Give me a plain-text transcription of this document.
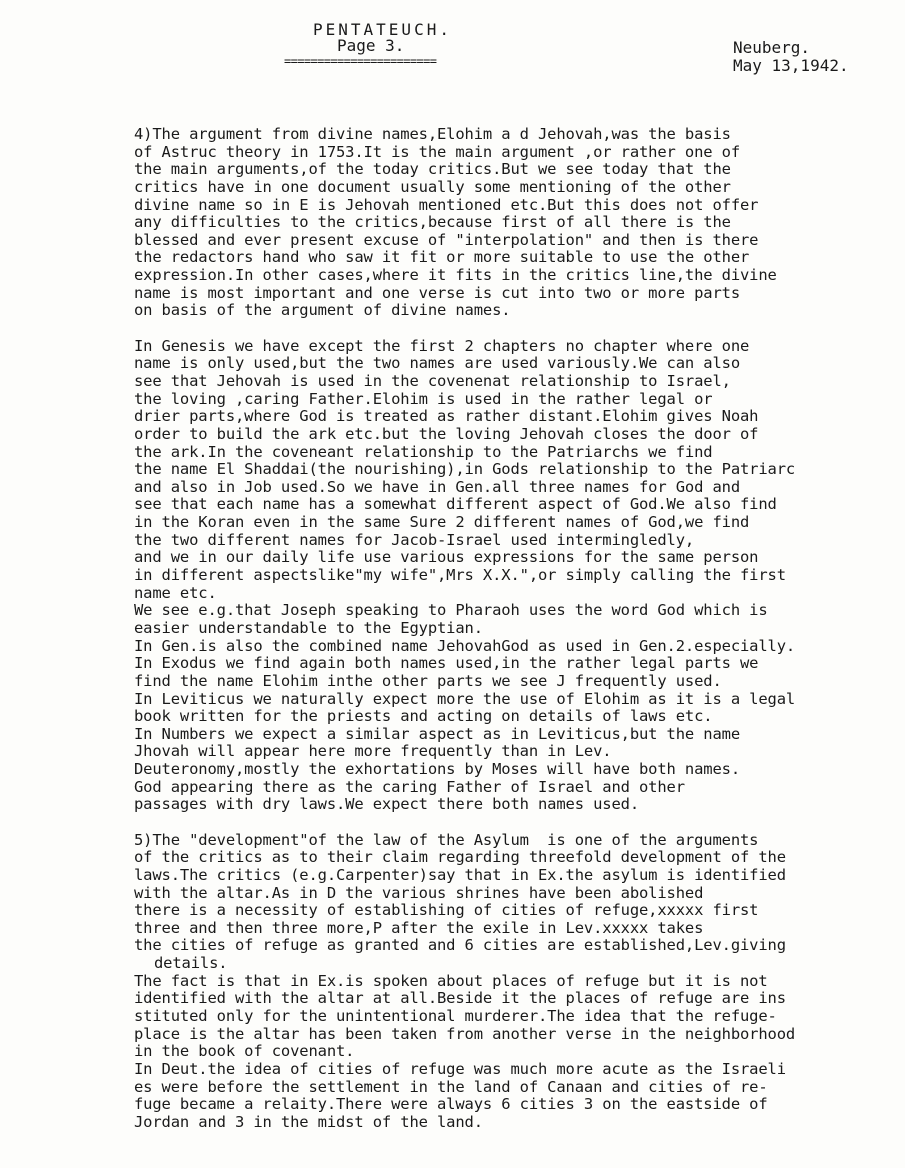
PENTATEUCH.
Page 3.
=======================
Neuberg.
May 13,1942.
4)The argument from divine names,Elohim a d Jehovah,was the basis
of Astruc theory in 1753.It is the main argument ,or rather one of
the main arguments,of the today critics.But we see today that the
critics have in one document usually some mentioning of the other
divine name so in E is Jehovah mentioned etc.But this does not offer
any difficulties to the critics,because first of all there is the
blessed and ever present excuse of "interpolation" and then is there
the redactors hand who saw it fit or more suitable to use the other
expression.In other cases,where it fits in the critics line,the divine
name is most important and one verse is cut into two or more parts
on basis of the argument of divine names.
In Genesis we have except the first 2 chapters no chapter where one
name is only used,but the two names are used variously.We can also
see that Jehovah is used in the covenenat relationship to Israel,
the loving ,caring Father.Elohim is used in the rather legal or
drier parts,where God is treated as rather distant.Elohim gives Noah
order to build the ark etc.but the loving Jehovah closes the door of
the ark.In the coveneant relationship to the Patriarchs we find
the name El Shaddai(the nourishing),in Gods relationship to the Patriarc
and also in Job used.So we have in Gen.all three names for God and
see that each name has a somewhat different aspect of God.We also find
in the Koran even in the same Sure 2 different names of God,we find
the two different names for Jacob-Israel used intermingledly,
and we in our daily life use various expressions for the same person
in different aspectslike"my wife",Mrs X.X.",or simply calling the first
name etc.
We see e.g.that Joseph speaking to Pharaoh uses the word God which is
easier understandable to the Egyptian.
In Gen.is also the combined name JehovahGod as used in Gen.2.especially.
In Exodus we find again both names used,in the rather legal parts we
find the name Elohim inthe other parts we see J frequently used.
In Leviticus we naturally expect more the use of Elohim as it is a legal
book written for the priests and acting on details of laws etc.
In Numbers we expect a similar aspect as in Leviticus,but the name
Jhovah will appear here more frequently than in Lev.
Deuteronomy,mostly the exhortations by Moses will have both names.
God appearing there as the caring Father of Israel and other
passages with dry laws.We expect there both names used.
5)The "development"of the law of the Asylum  is one of the arguments
of the critics as to their claim regarding threefold development of the
laws.The critics (e.g.Carpenter)say that in Ex.the asylum is identified
with the altar.As in D the various shrines have been abolished
there is a necessity of establishing of cities of refuge,xxxxx first
three and then three more,P after the exile in Lev.xxxxx takes
the cities of refuge as granted and 6 cities are established,Lev.giving
details.
The fact is that in Ex.is spoken about places of refuge but it is not
identified with the altar at all.Beside it the places of refuge are ins
stituted only for the unintentional murderer.The idea that the refuge-
place is the altar has been taken from another verse in the neighborhood
in the book of covenant.
In Deut.the idea of cities of refuge was much more acute as the Israeli
es were before the settlement in the land of Canaan and cities of re-
fuge became a relaity.There were always 6 cities 3 on the eastside of
Jordan and 3 in the midst of the land.
